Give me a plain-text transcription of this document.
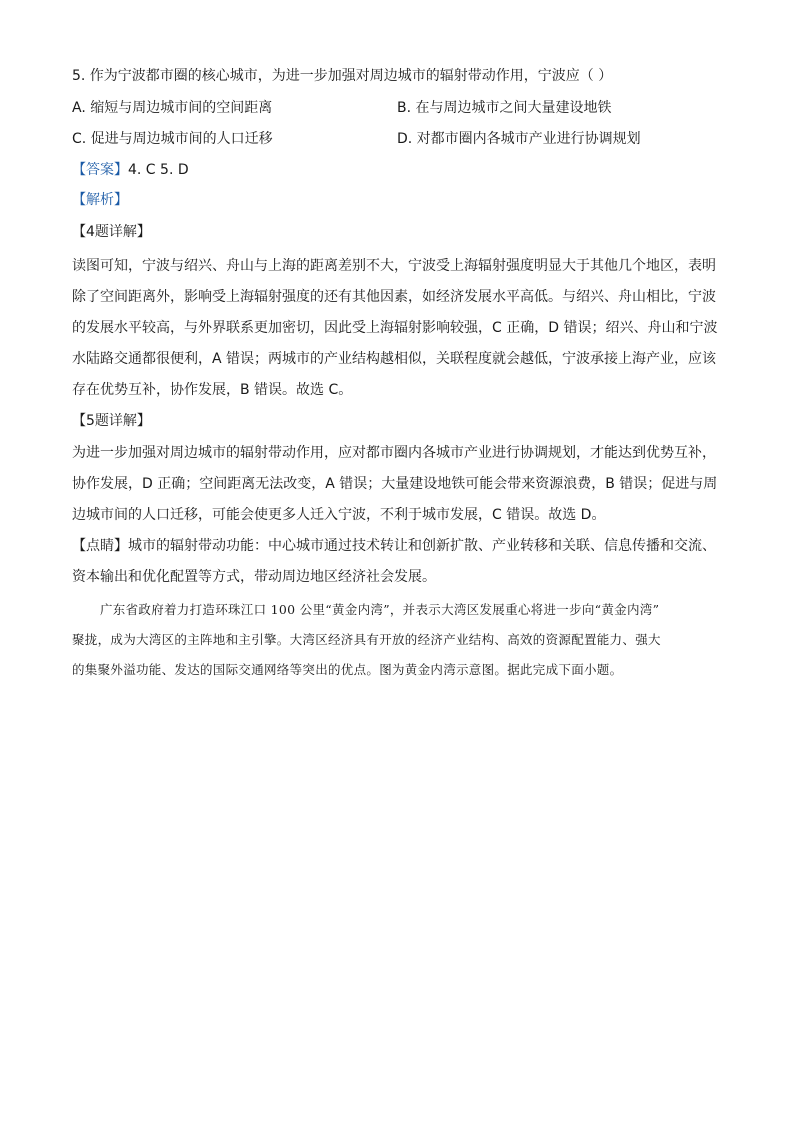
5. 作为宁波都市圈的核心城市，为进一步加强对周边城市的辐射带动作用，宁波应（ ）
A. 缩短与周边城市间的空间距离	B. 在与周边城市之间大量建设地铁
C. 促进与周边城市间的人口迁移	D. 对都市圈内各城市产业进行协调规划
【答案】4. C 5. D
【解析】
【4题详解】
读图可知，宁波与绍兴、舟山与上海的距离差别不大，宁波受上海辐射强度明显大于其他几个地区，表明
除了空间距离外，影响受上海辐射强度的还有其他因素，如经济发展水平高低。与绍兴、舟山相比，宁波
的发展水平较高，与外界联系更加密切，因此受上海辐射影响较强，C 正确，D 错误；绍兴、舟山和宁波
水陆路交通都很便利，A 错误；两城市的产业结构越相似，关联程度就会越低，宁波承接上海产业，应该
存在优势互补，协作发展，B 错误。故选 C。
【5题详解】
为进一步加强对周边城市的辐射带动作用，应对都市圈内各城市产业进行协调规划，才能达到优势互补，
协作发展，D 正确；空间距离无法改变，A 错误；大量建设地铁可能会带来资源浪费，B 错误；促进与周
边城市间的人口迁移，可能会使更多人迁入宁波，不利于城市发展，C 错误。故选 D。
【点睛】城市的辐射带动功能：中心城市通过技术转让和创新扩散、产业转移和关联、信息传播和交流、
资本输出和优化配置等方式，带动周边地区经济社会发展。
广东省政府着力打造环珠江口 100 公里“黄金内湾”，并表示大湾区发展重心将进一步向“黄金内湾”
聚拢，成为大湾区的主阵地和主引擎。大湾区经济具有开放的经济产业结构、高效的资源配置能力、强大
的集聚外溢功能、发达的国际交通网络等突出的优点。图为黄金内湾示意图。据此完成下面小题。
